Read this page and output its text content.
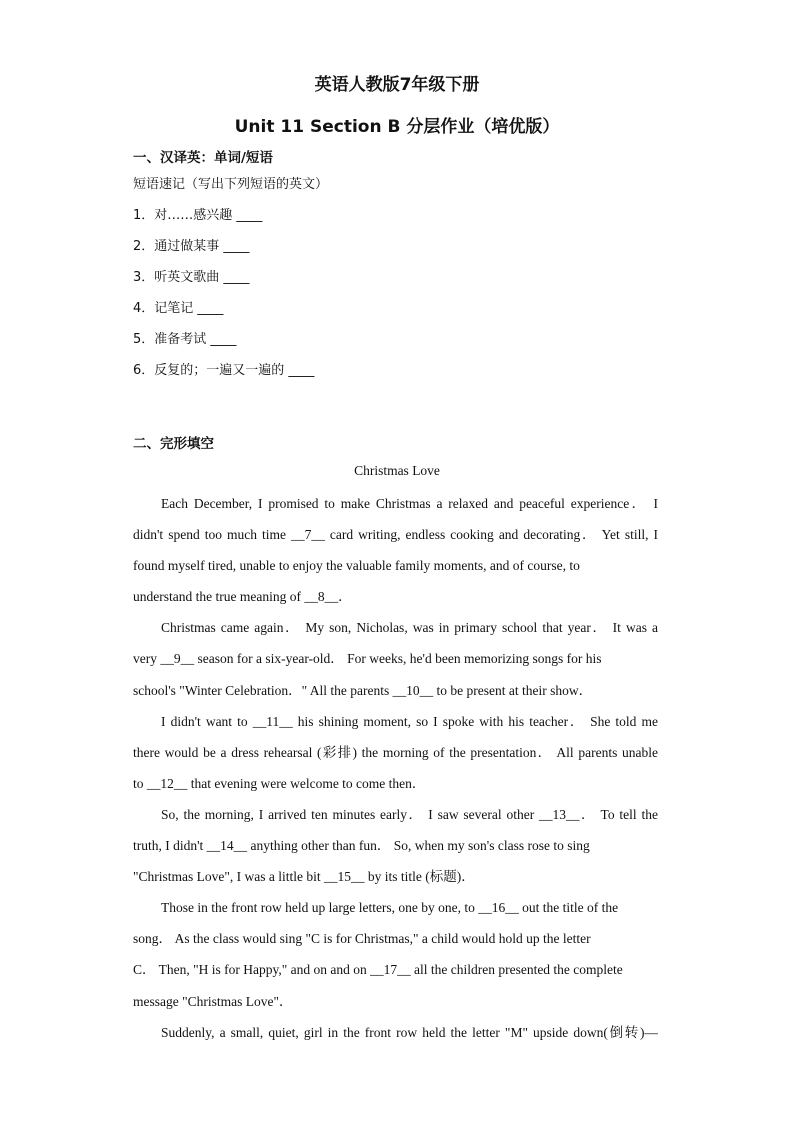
英语人教版7年级下册
Unit 11 Section B 分层作业（培优版）
一、汉译英：单词/短语
短语速记（写出下列短语的英文）
1．对……感兴趣 ____
2．通过做某事 ____
3．听英文歌曲 ____
4．记笔记 ____
5．准备考试 ____
6．反复的；一遍又一遍的 ____
二、完形填空
Christmas Love
Each December, I promised to make Christmas a relaxed and peaceful experience． I
didn't spend too much time __7__ card writing, endless cooking and decorating． Yet still, I
found myself tired, unable to enjoy the valuable family moments, and of course, to
understand the true meaning of __8__．
Christmas came again． My son, Nicholas, was in primary school that year． It was a
very __9__ season for a six-year-old． For weeks, he'd been memorizing songs for his
school's "Winter Celebration．" All the parents __10__ to be present at their show．
I didn't want to __11__ his shining moment, so I spoke with his teacher． She told me
there would be a dress rehearsal (彩排) the morning of the presentation． All parents unable
to __12__ that evening were welcome to come then．
So, the morning, I arrived ten minutes early． I saw several other __13__． To tell the
truth, I didn't __14__ anything other than fun． So, when my son's class rose to sing
"Christmas Love", I was a little bit __15__ by its title (标题)．
Those in the front row held up large letters, one by one, to __16__ out the title of the
song． As the class would sing "C is for Christmas," a child would hold up the letter
C． Then, "H is for Happy," and on and on __17__ all the children presented the complete
message "Christmas Love"．
Suddenly, a small, quiet, girl in the front row held the letter "M" upside down(倒转)—
